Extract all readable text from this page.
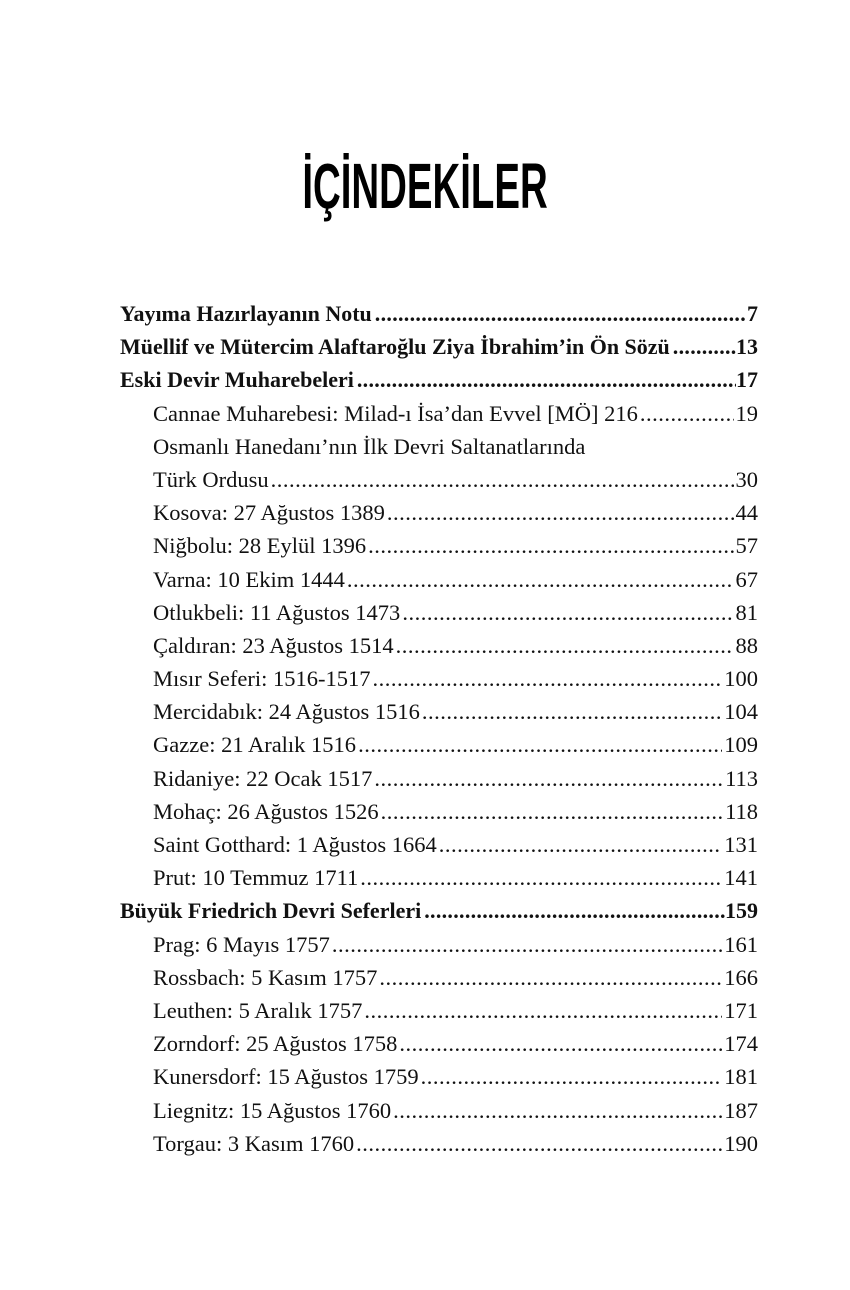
İÇİNDEKİLER
Yayıma Hazırlayanın Notu .....	7
Müellif ve Mütercim Alaftaroğlu Ziya İbrahim’in Ön Sözü .....	13
Eski Devir Muharebeleri .....	17
Cannae Muharebesi: Milad-ı İsa’dan Evvel [MÖ] 216 .....	19
Osmanlı Hanedanı’nın İlk Devri Saltanatlarında
Türk Ordusu .....	30
Kosova: 27 Ağustos 1389 .....	44
Niğbolu: 28 Eylül 1396 .....	57
Varna: 10 Ekim 1444 .....	67
Otlukbeli: 11 Ağustos 1473 .....	81
Çaldıran: 23 Ağustos 1514 .....	88
Mısır Seferi: 1516-1517 .....	100
Mercidabık: 24 Ağustos 1516 .....	104
Gazze: 21 Aralık 1516 .....	109
Ridaniye: 22 Ocak 1517 .....	113
Mohaç: 26 Ağustos 1526 .....	118
Saint Gotthard: 1 Ağustos 1664 .....	131
Prut: 10 Temmuz 1711 .....	141
Büyük Friedrich Devri Seferleri .....	159
Prag: 6 Mayıs 1757 .....	161
Rossbach: 5 Kasım 1757 .....	166
Leuthen: 5 Aralık 1757 .....	171
Zorndorf: 25 Ağustos 1758 .....	174
Kunersdorf: 15 Ağustos 1759 .....	181
Liegnitz: 15 Ağustos 1760 .....	187
Torgau: 3 Kasım 1760 .....	190
